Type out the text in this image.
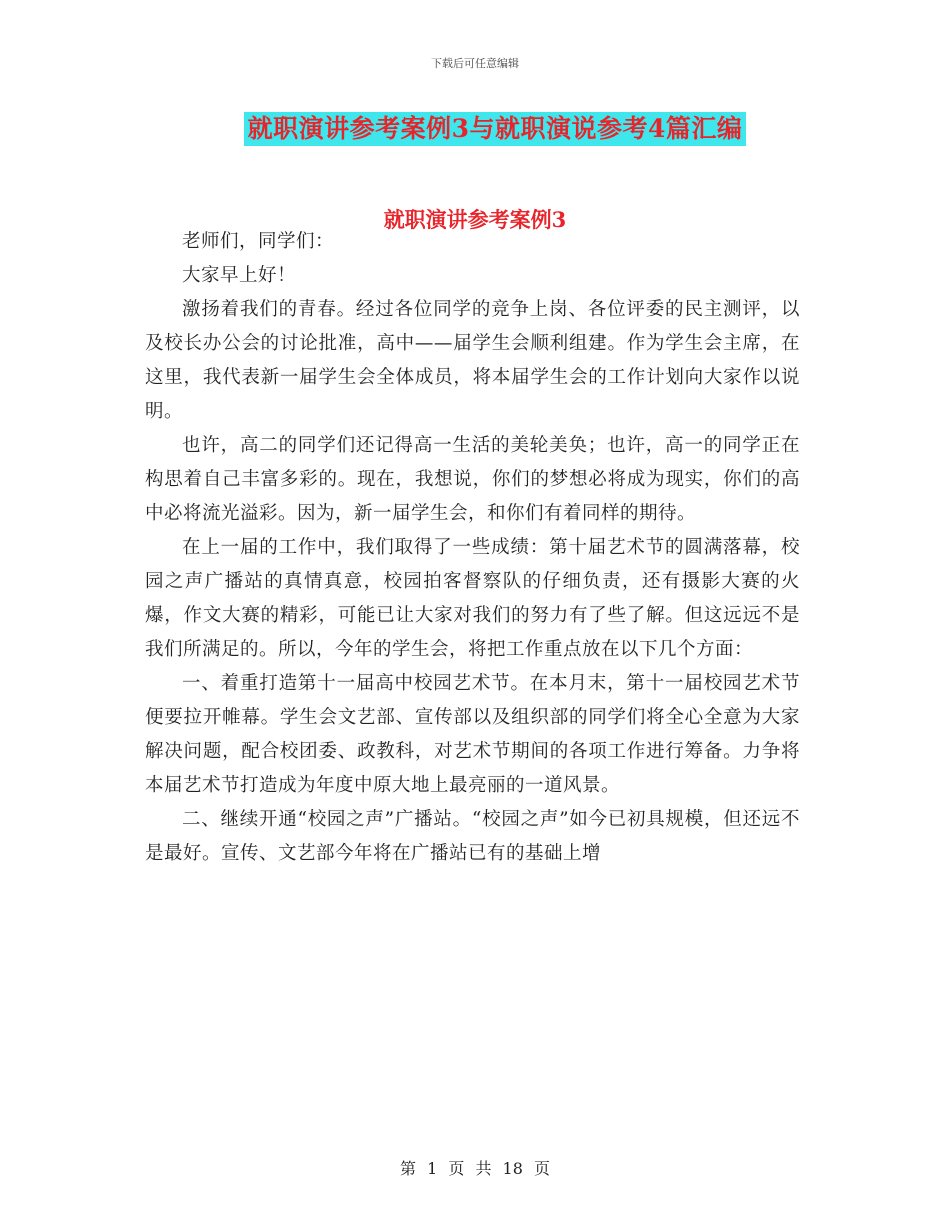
下载后可任意编辑
就职演讲参考案例3与就职演说参考4篇汇编
就职演讲参考案例3

老师们，同学们：

大家早上好！

激扬着我们的青春。经过各位同学的竞争上岗、各位评委的民主测评，以及校长办公会的讨论批准，高中——届学生会顺利组建。作为学生会主席，在这里，我代表新一届学生会全体成员，将本届学生会的工作计划向大家作以说明。

也许，高二的同学们还记得高一生活的美轮美奂；也许，高一的同学正在构思着自己丰富多彩的。现在，我想说，你们的梦想必将成为现实，你们的高中必将流光溢彩。因为，新一届学生会，和你们有着同样的期待。

在上一届的工作中，我们取得了一些成绩：第十届艺术节的圆满落幕，校园之声广播站的真情真意，校园拍客督察队的仔细负责，还有摄影大赛的火爆，作文大赛的精彩，可能已让大家对我们的努力有了些了解。但这远远不是我们所满足的。所以，今年的学生会，将把工作重点放在以下几个方面：

一、着重打造第十一届高中校园艺术节。在本月末，第十一届校园艺术节便要拉开帷幕。学生会文艺部、宣传部以及组织部的同学们将全心全意为大家解决问题，配合校团委、政教科，对艺术节期间的各项工作进行筹备。力争将本届艺术节打造成为年度中原大地上最亮丽的一道风景。

二、继续开通“校园之声”广播站。“校园之声”如今已初具规模，但还远不是最好。宣传、文艺部今年将在广播站已有的基础上增

第 1 页 共 18 页
